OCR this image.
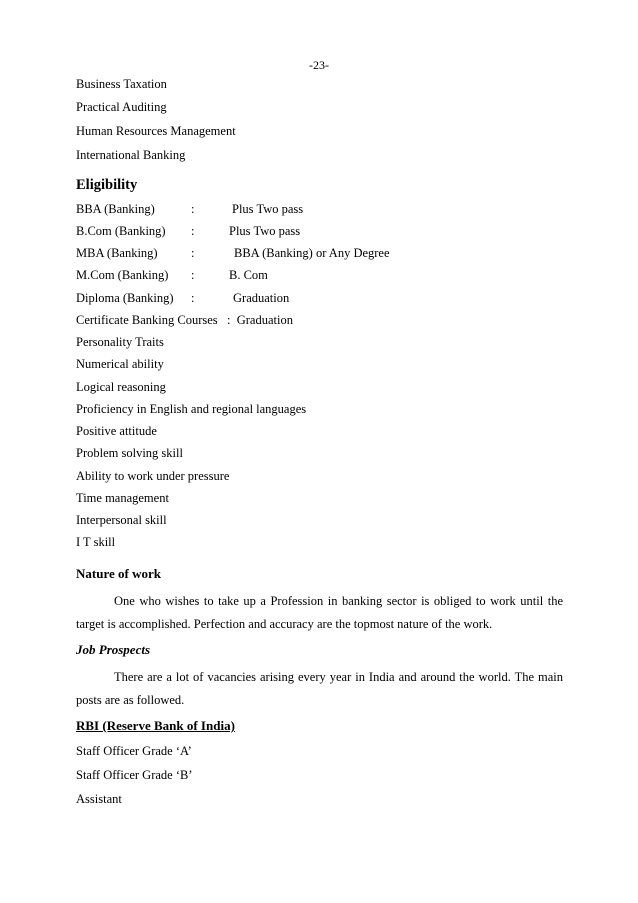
-23-
Business Taxation
Practical Auditing
Human Resources Management
International Banking
Eligibility
BBA (Banking)	:	Plus Two pass
B.Com (Banking) :	Plus Two pass
MBA (Banking)	:	BBA (Banking) or Any Degree
M.Com (Banking) :	B. Com
Diploma (Banking) :	Graduation
Certificate Banking Courses   :  Graduation
Personality Traits
Numerical ability
Logical reasoning
Proficiency in English and regional languages
Positive attitude
Problem solving skill
Ability to work under pressure
Time management
Interpersonal skill
I T skill
Nature of work
One who wishes to take up a Profession in banking sector is obliged to work until the target is accomplished. Perfection and accuracy are the topmost nature of the work.
Job Prospects
There are a lot of vacancies arising every year in India and around the world. The main posts are as followed.
RBI (Reserve Bank of India)
Staff Officer Grade ‘A’
Staff Officer Grade ‘B’
Assistant
